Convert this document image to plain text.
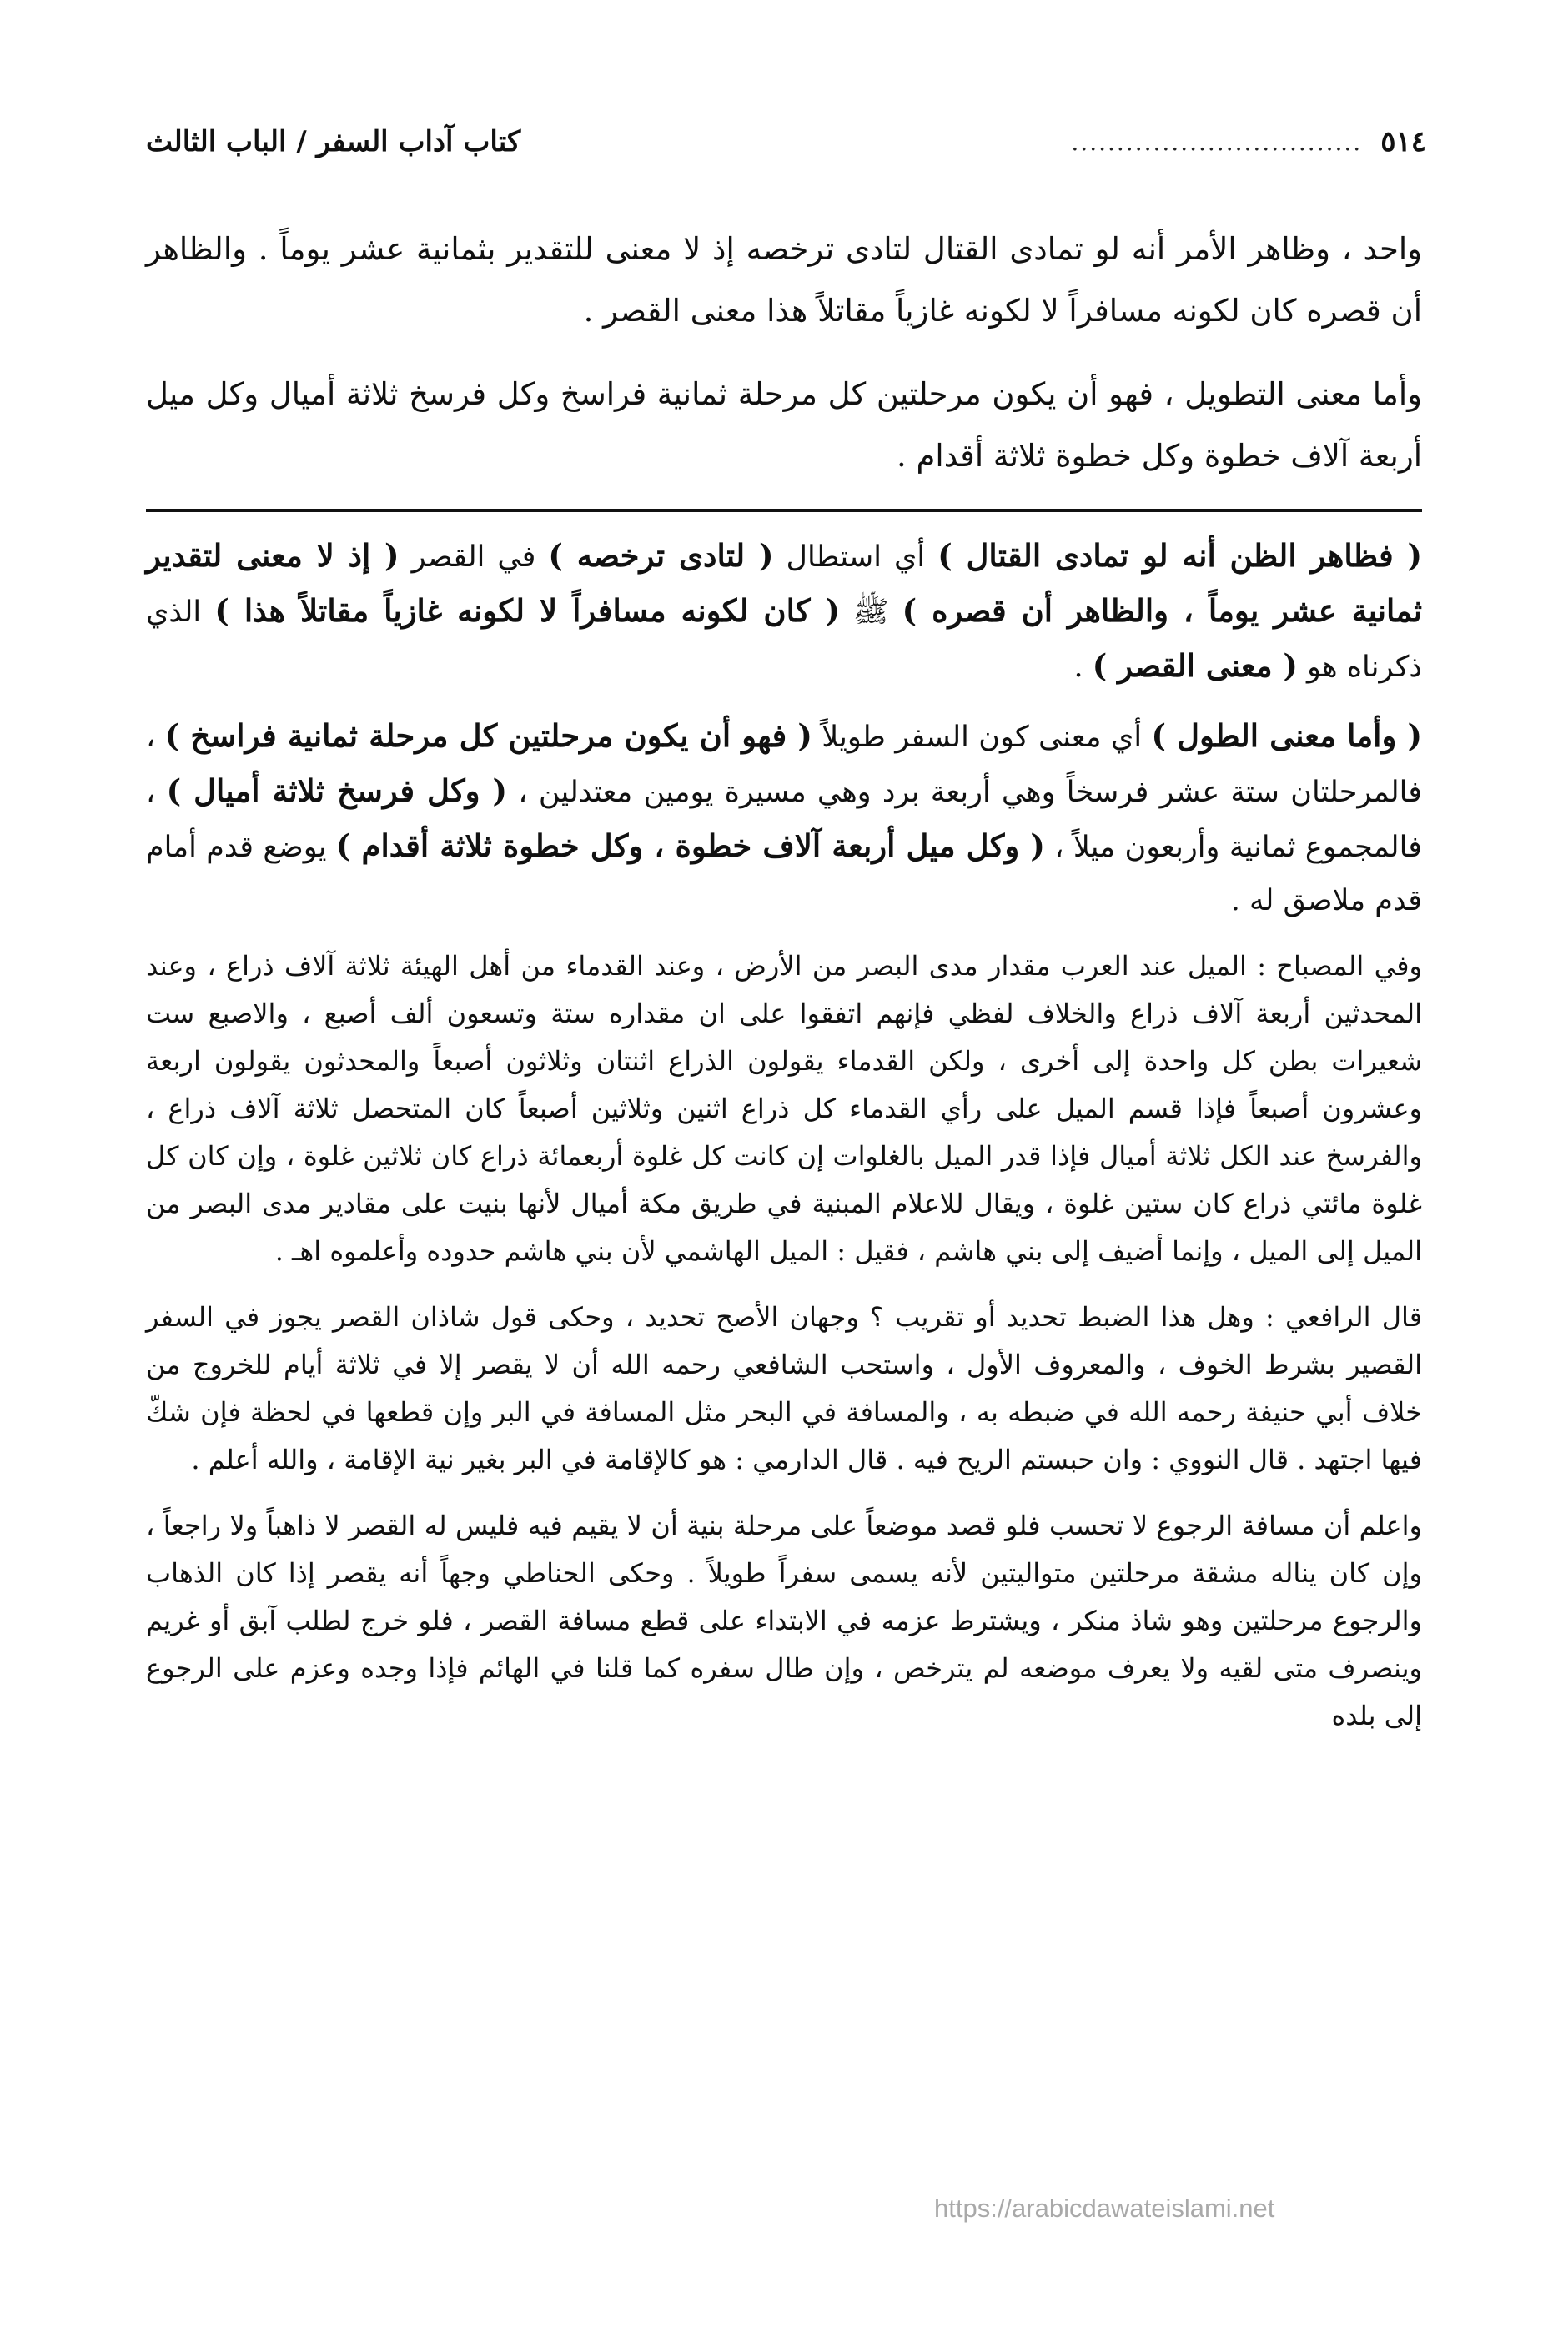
٥١٤
................................
كتاب آداب السفر / الباب الثالث

واحد ، وظاهر الأمر أنه لو تمادى القتال لتادى ترخصه إذ لا معنى للتقدير بثمانية عشر يوماً . والظاهر أن قصره كان لكونه مسافراً لا لكونه غازياً مقاتلاً هذا معنى القصر .

وأما معنى التطويل ، فهو أن يكون مرحلتين كل مرحلة ثمانية فراسخ وكل فرسخ ثلاثة أميال وكل ميل أربعة آلاف خطوة وكل خطوة ثلاثة أقدام .

( فظاهر الظن أنه لو تمادى القتال ) أي استطال ( لتادى ترخصه ) في القصر ( إذ لا معنى لتقدير ثمانية عشر يوماً ، والظاهر أن قصره ) ﷺ ( كان لكونه مسافراً لا لكونه غازياً مقاتلاً هذا ) الذي ذكرناه هو ( معنى القصر ) .

( وأما معنى الطول ) أي معنى كون السفر طويلاً ( فهو أن يكون مرحلتين كل مرحلة ثمانية فراسخ ) ، فالمرحلتان ستة عشر فرسخاً وهي أربعة برد وهي مسيرة يومين معتدلين ، ( وكل فرسخ ثلاثة أميال ) ، فالمجموع ثمانية وأربعون ميلاً ، ( وكل ميل أربعة آلاف خطوة ، وكل خطوة ثلاثة أقدام ) يوضع قدم أمام قدم ملاصق له .

وفي المصباح : الميل عند العرب مقدار مدى البصر من الأرض ، وعند القدماء من أهل الهيئة ثلاثة آلاف ذراع ، وعند المحدثين أربعة آلاف ذراع والخلاف لفظي فإنهم اتفقوا على ان مقداره ستة وتسعون ألف أصبع ، والاصبع ست شعيرات بطن كل واحدة إلى أخرى ، ولكن القدماء يقولون الذراع اثنتان وثلاثون أصبعاً والمحدثون يقولون اربعة وعشرون أصبعاً فإذا قسم الميل على رأي القدماء كل ذراع اثنين وثلاثين أصبعاً كان المتحصل ثلاثة آلاف ذراع ، والفرسخ عند الكل ثلاثة أميال فإذا قدر الميل بالغلوات إن كانت كل غلوة أربعمائة ذراع كان ثلاثين غلوة ، وإن كان كل غلوة مائتي ذراع كان ستين غلوة ، ويقال للاعلام المبنية في طريق مكة أميال لأنها بنيت على مقادير مدى البصر من الميل إلى الميل ، وإنما أضيف إلى بني هاشم ، فقيل : الميل الهاشمي لأن بني هاشم حدوده وأعلموه اهـ .

قال الرافعي : وهل هذا الضبط تحديد أو تقريب ؟ وجهان الأصح تحديد ، وحكى قول شاذان القصر يجوز في السفر القصير بشرط الخوف ، والمعروف الأول ، واستحب الشافعي رحمه الله أن لا يقصر إلا في ثلاثة أيام للخروج من خلاف أبي حنيفة رحمه الله في ضبطه به ، والمسافة في البحر مثل المسافة في البر وإن قطعها في لحظة فإن شكّ فيها اجتهد . قال النووي : وان حبستم الريح فيه . قال الدارمي : هو كالإقامة في البر بغير نية الإقامة ، والله أعلم .

واعلم أن مسافة الرجوع لا تحسب فلو قصد موضعاً على مرحلة بنية أن لا يقيم فيه فليس له القصر لا ذاهباً ولا راجعاً ، وإن كان يناله مشقة مرحلتين متواليتين لأنه يسمى سفراً طويلاً . وحكى الحناطي وجهاً أنه يقصر إذا كان الذهاب والرجوع مرحلتين وهو شاذ منكر ، ويشترط عزمه في الابتداء على قطع مسافة القصر ، فلو خرج لطلب آبق أو غريم وينصرف متى لقيه ولا يعرف موضعه لم يترخص ، وإن طال سفره كما قلنا في الهائم فإذا وجده وعزم على الرجوع إلى بلده

https://arabicdawateislami.net
